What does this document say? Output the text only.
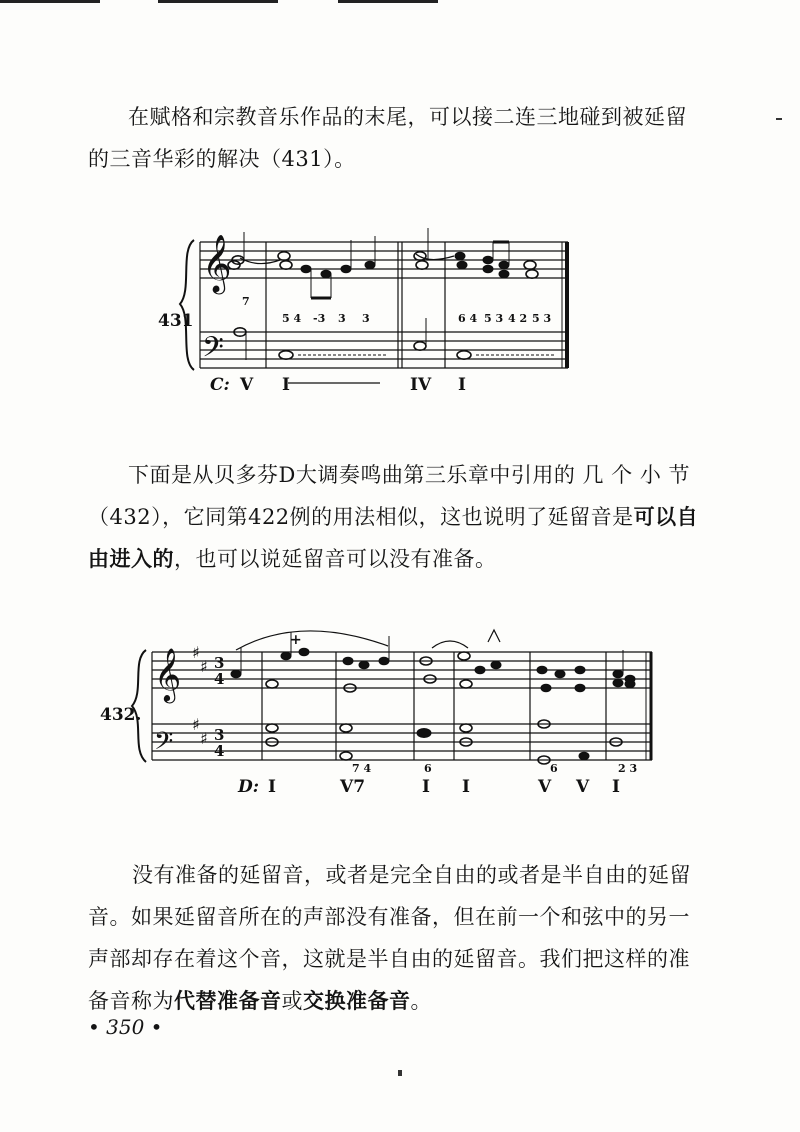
在赋格和宗教音乐作品的末尾，可以接二连三地碰到被延留

的三音华彩的解决（431）。

𝄞
𝄢
7
5 4 -3 3 3	6 4 5 3 4 2 5 3
431
C: V I	IV I

下面是从贝多芬D大调奏鸣曲第三乐章中引用的 几 个 小 节

（432），它同第422例的用法相似，这也说明了延留音是可以自

由进入的，也可以说延留音可以没有准备。

𝄞
𝄢
♯
♯
♯
♯
3
4
3
4
+
7 4	6	6	2 3
432.
D: I	V7	I I	V V I

没有准备的延留音，或者是完全自由的或者是半自由的延留

音。如果延留音所在的声部没有准备，但在前一个和弦中的另一

声部却存在着这个音，这就是半自由的延留音。我们把这样的准

备音称为代替准备音或交换准备音。

• 350 •
